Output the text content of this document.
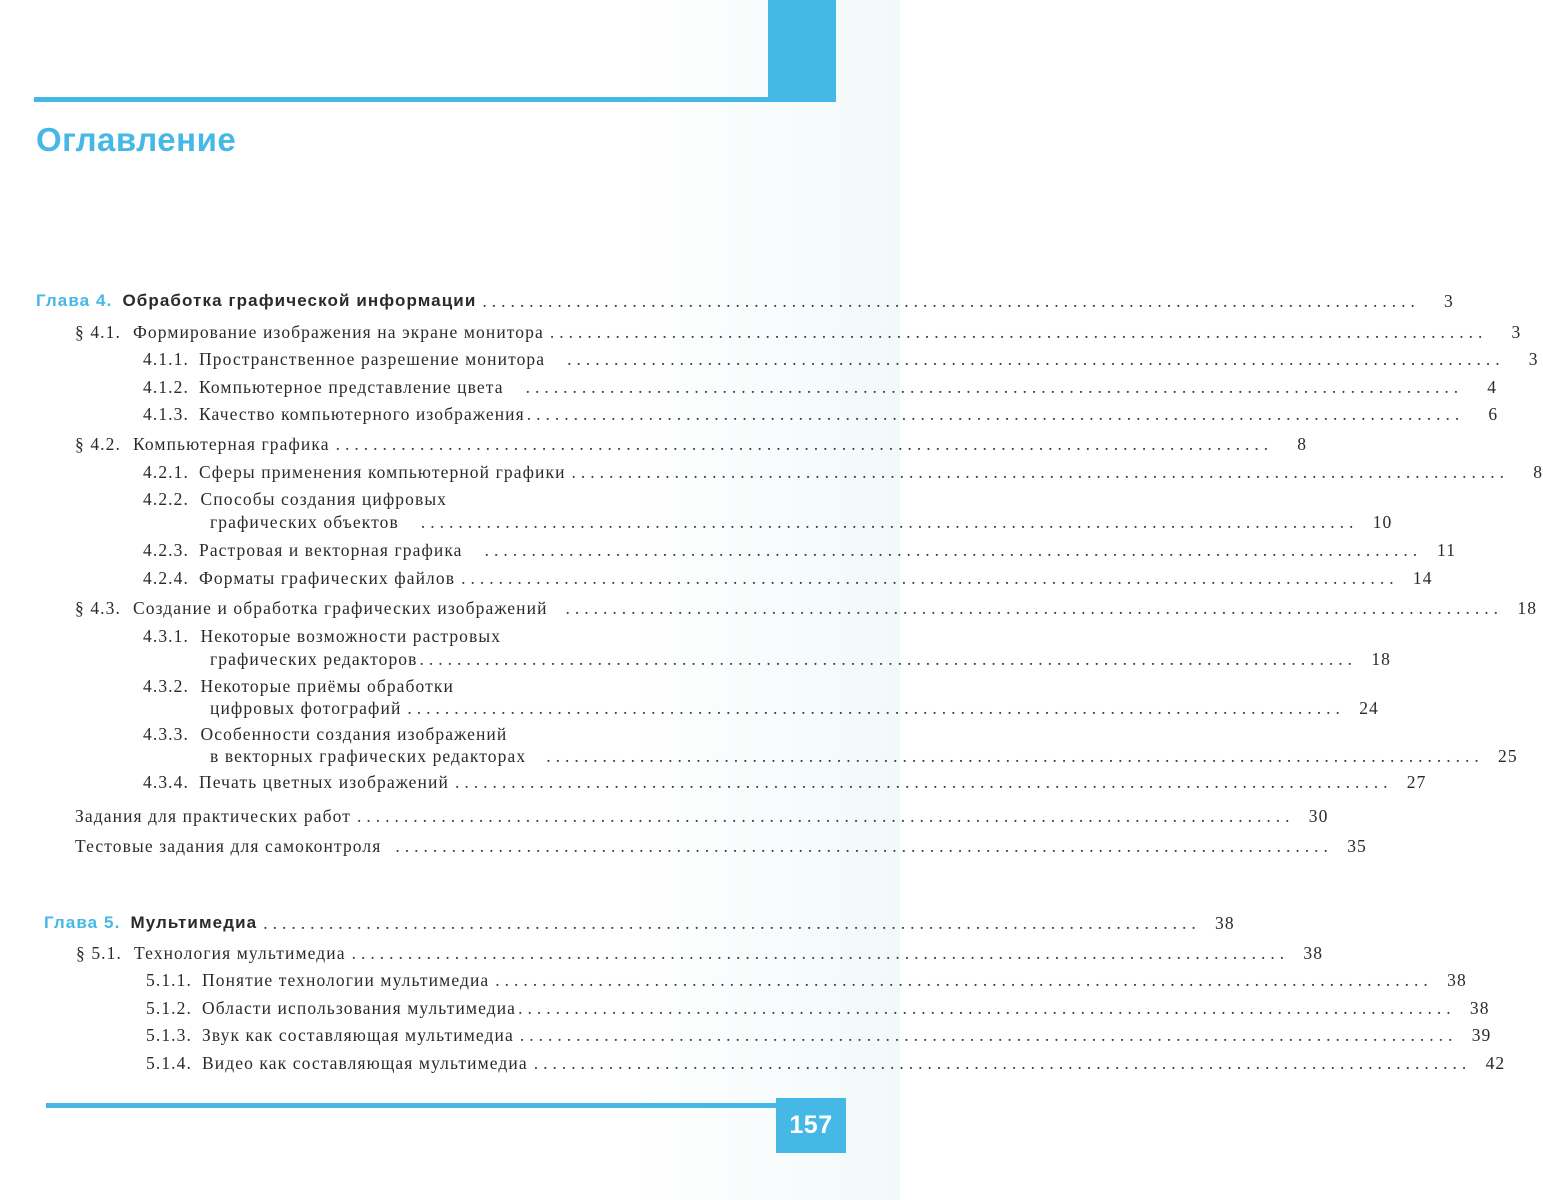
Оглавление
Глава 4. Обработка графической информации ....................................................................................................	3
§ 4.1. Формирование изображения на экране монитора ....................................................................................................	3
4.1.1. Пространственное разрешение монитора ....................................................................................................	3
4.1.2. Компьютерное представление цвета ....................................................................................................	4
4.1.3. Качество компьютерного изображения ....................................................................................................	6
§ 4.2. Компьютерная графика ....................................................................................................	8
4.2.1. Сферы применения компьютерной графики ....................................................................................................	8
4.2.2. Способы создания цифровых
графических объектов .................................................................................................... 10
4.2.3. Растровая и векторная графика .................................................................................................... 11
4.2.4. Форматы графических файлов .................................................................................................... 14
§ 4.3. Создание и обработка графических изображений .................................................................................................... 18
4.3.1. Некоторые возможности растровых
графических редакторов .................................................................................................... 18
4.3.2. Некоторые приёмы обработки
цифровых фотографий .................................................................................................... 24
4.3.3. Особенности создания изображений
в векторных графических редакторах .................................................................................................... 25
4.3.4. Печать цветных изображений .................................................................................................... 27
Задания для практических работ .................................................................................................... 30
Тестовые задания для самоконтроля .................................................................................................... 35
Глава 5. Мультимедиа .................................................................................................... 38
§ 5.1. Технология мультимедиа .................................................................................................... 38
5.1.1. Понятие технологии мультимедиа .................................................................................................... 38
5.1.2. Области использования мультимедиа .................................................................................................... 38
5.1.3. Звук как составляющая мультимедиа .................................................................................................... 39
5.1.4. Видео как составляющая мультимедиа .................................................................................................... 42
157
